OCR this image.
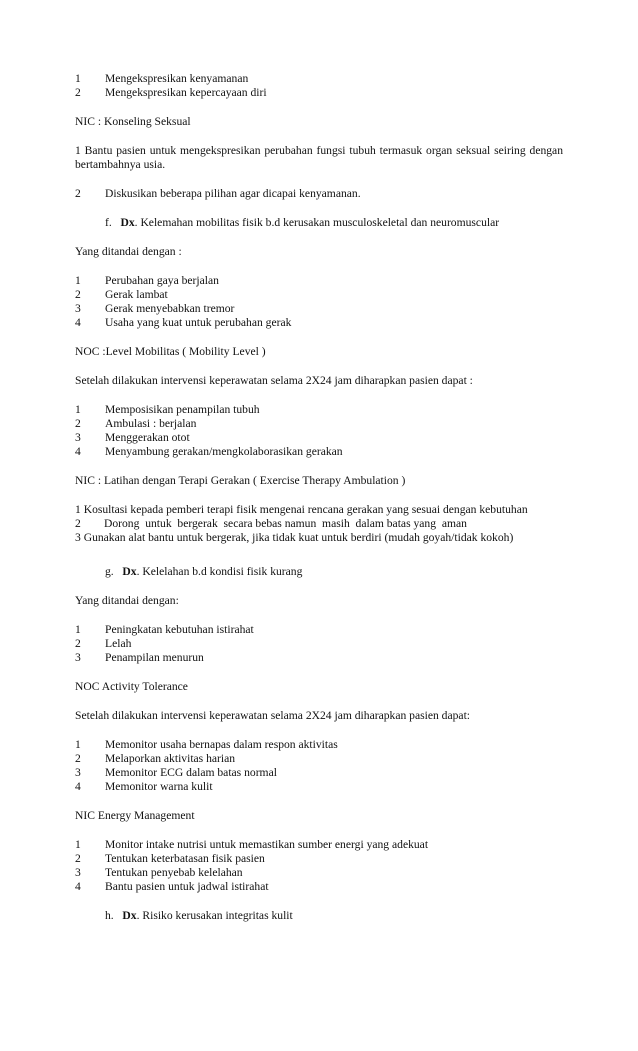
1	Mengekspresikan kenyamanan
2	Mengekspresikan kepercayaan diri
NIC : Konseling Seksual
1 Bantu pasien untuk mengekspresikan perubahan fungsi tubuh termasuk organ seksual seiring dengan bertambahnya usia.
2	Diskusikan beberapa pilihan agar dicapai kenyamanan.
f. Dx. Kelemahan mobilitas fisik b.d kerusakan musculoskeletal dan neuromuscular
Yang ditandai dengan :
1	Perubahan gaya berjalan
2	Gerak lambat
3	Gerak menyebabkan tremor
4	Usaha yang kuat untuk perubahan gerak
NOC :Level Mobilitas ( Mobility Level )
Setelah dilakukan intervensi keperawatan selama 2X24 jam diharapkan pasien dapat :
1	Memposisikan penampilan tubuh
2	Ambulasi : berjalan
3	Menggerakan otot
4	Menyambung gerakan/mengkolaborasikan gerakan
NIC : Latihan dengan Terapi Gerakan ( Exercise Therapy Ambulation )
1 Kosultasi kepada pemberi terapi fisik mengenai rencana gerakan yang sesuai dengan kebutuhan
2        Dorong  untuk  bergerak  secara bebas namun  masih  dalam batas yang  aman
3 Gunakan alat bantu untuk bergerak, jika tidak kuat untuk berdiri (mudah goyah/tidak kokoh)
g. Dx. Kelelahan b.d kondisi fisik kurang
Yang ditandai dengan:
1	Peningkatan kebutuhan istirahat
2	Lelah
3	Penampilan menurun
NOC Activity Tolerance
Setelah dilakukan intervensi keperawatan selama 2X24 jam diharapkan pasien dapat:
1	Memonitor usaha bernapas dalam respon aktivitas
2	Melaporkan aktivitas harian
3	Memonitor ECG dalam batas normal
4	Memonitor warna kulit
NIC Energy Management
1	Monitor intake nutrisi untuk memastikan sumber energi yang adekuat
2	Tentukan keterbatasan fisik pasien
3	Tentukan penyebab kelelahan
4	Bantu pasien untuk jadwal istirahat
h. Dx. Risiko kerusakan integritas kulit
